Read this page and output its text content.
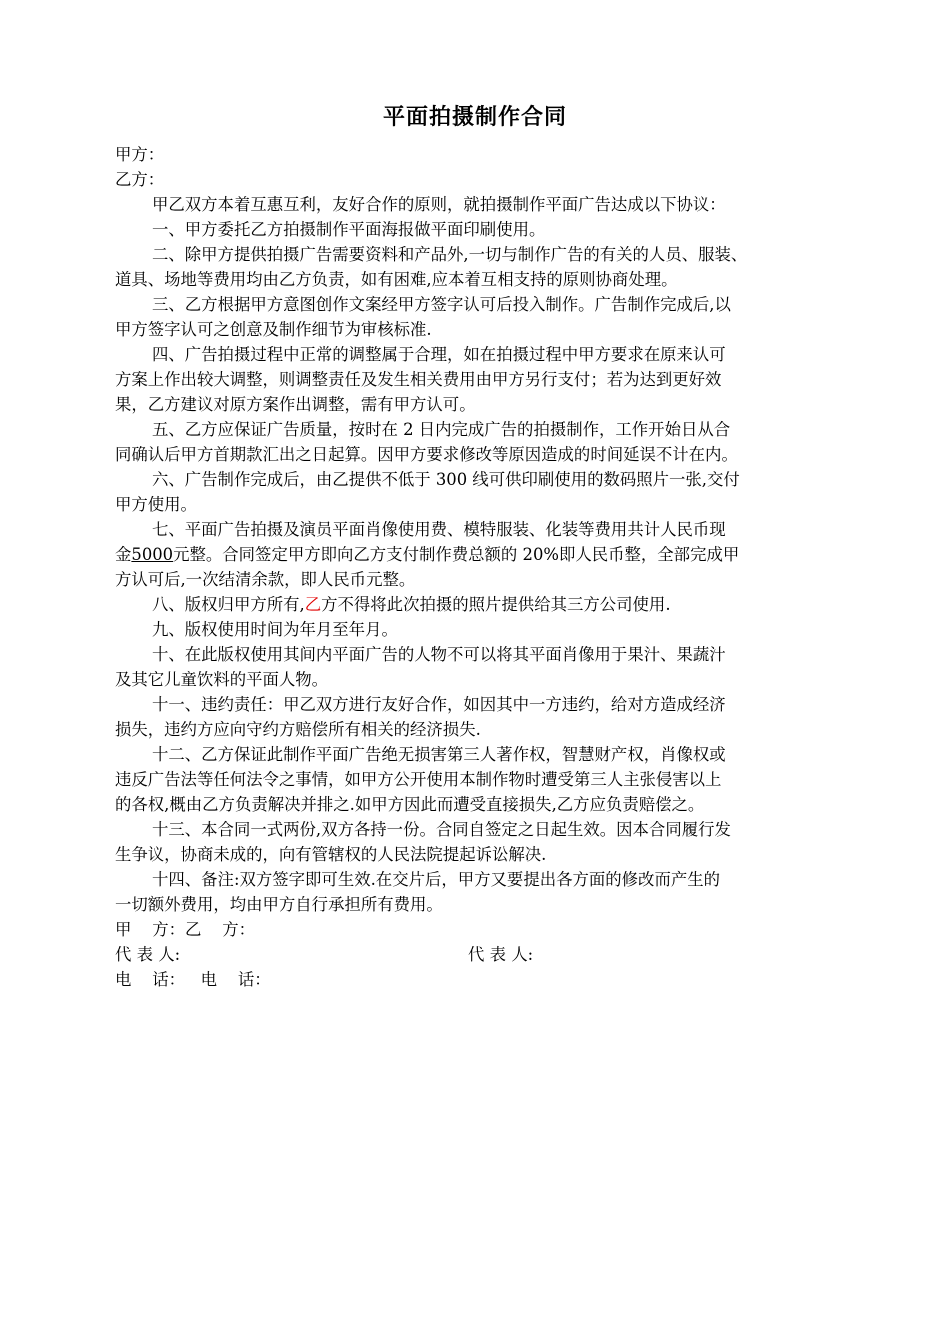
平面拍摄制作合同
甲方：
乙方：
甲乙双方本着互惠互利，友好合作的原则，就拍摄制作平面广告达成以下协议：
一、甲方委托乙方拍摄制作平面海报做平面印刷使用。
二、除甲方提供拍摄广告需要资料和产品外,一切与制作广告的有关的人员、服装、
道具、场地等费用均由乙方负责，如有困难,应本着互相支持的原则协商处理。
三、乙方根据甲方意图创作文案经甲方签字认可后投入制作。广告制作完成后,以
甲方签字认可之创意及制作细节为审核标准.
四、广告拍摄过程中正常的调整属于合理，如在拍摄过程中甲方要求在原来认可
方案上作出较大调整，则调整责任及发生相关费用由甲方另行支付；若为达到更好效
果，乙方建议对原方案作出调整，需有甲方认可。
五、乙方应保证广告质量，按时在 2 日内完成广告的拍摄制作，工作开始日从合
同确认后甲方首期款汇出之日起算。因甲方要求修改等原因造成的时间延误不计在内。
六、广告制作完成后，由乙提供不低于 300 线可供印刷使用的数码照片一张,交付
甲方使用。
七、平面广告拍摄及演员平面肖像使用费、模特服装、化装等费用共计人民币现
金5000元整。合同签定甲方即向乙方支付制作费总额的 20%即人民币整，全部完成甲
方认可后,一次结清余款，即人民币元整。
八、版权归甲方所有,乙方不得将此次拍摄的照片提供给其三方公司使用.
九、版权使用时间为年月至年月。
十、在此版权使用其间内平面广告的人物不可以将其平面肖像用于果汁、果蔬汁
及其它儿童饮料的平面人物。
十一、违约责任：甲乙双方进行友好合作，如因其中一方违约，给对方造成经济
损失，违约方应向守约方赔偿所有相关的经济损失.
十二、乙方保证此制作平面广告绝无损害第三人著作权，智慧财产权，肖像权或
违反广告法等任何法令之事情，如甲方公开使用本制作物时遭受第三人主张侵害以上
的各权,概由乙方负责解决并排之.如甲方因此而遭受直接损失,乙方应负责赔偿之。
十三、本合同一式两份,双方各持一份。合同自签定之日起生效。因本合同履行发
生争议，协商未成的，向有管辖权的人民法院提起诉讼解决.
十四、备注:双方签字即可生效.在交片后，甲方又要提出各方面的修改而产生的
一切额外费用，均由甲方自行承担所有费用。
甲    方：乙    方：
代 表 人:	代 表 人:
电    话：   电    话：
